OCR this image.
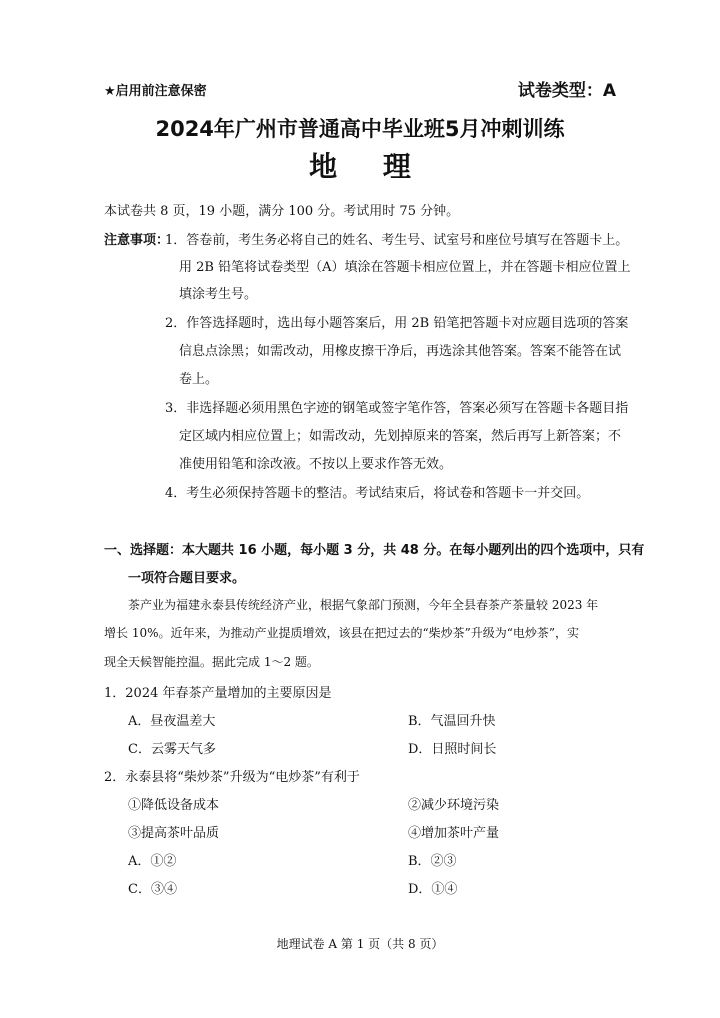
★启用前注意保密	试卷类型：A
2024年广州市普通高中毕业班5月冲刺训练
地 理
本试卷共 8 页，19 小题，满分 100 分。考试用时 75 分钟。
注意事项：
1．答卷前，考生务必将自己的姓名、考生号、试室号和座位号填写在答题卡上。
用 2B 铅笔将试卷类型（A）填涂在答题卡相应位置上，并在答题卡相应位置上
填涂考生号。
2．作答选择题时，选出每小题答案后，用 2B 铅笔把答题卡对应题目选项的答案
信息点涂黑；如需改动，用橡皮擦干净后，再选涂其他答案。答案不能答在试
卷上。
3．非选择题必须用黑色字迹的钢笔或签字笔作答，答案必须写在答题卡各题目指
定区域内相应位置上；如需改动，先划掉原来的答案，然后再写上新答案；不
准使用铅笔和涂改液。不按以上要求作答无效。
4．考生必须保持答题卡的整洁。考试结束后，将试卷和答题卡一并交回。
一、选择题：本大题共 16 小题，每小题 3 分，共 48 分。在每小题列出的四个选项中，只有
一项符合题目要求。
茶产业为福建永泰县传统经济产业，根据气象部门预测，今年全县春茶产茶量较 2023 年
增长 10%。近年来，为推动产业提质增效，该县在把过去的“柴炒茶”升级为“电炒茶”，实
现全天候智能控温。据此完成 1～2 题。
1．2024 年春茶产量增加的主要原因是
A．昼夜温差大	B．气温回升快
C．云雾天气多	D．日照时间长
2．永泰县将“柴炒茶”升级为“电炒茶”有利于
①降低设备成本	②减少环境污染
③提高茶叶品质	④增加茶叶产量
A．①②	B．②③
C．③④	D．①④
地理试卷 A 第 1 页（共 8 页）
